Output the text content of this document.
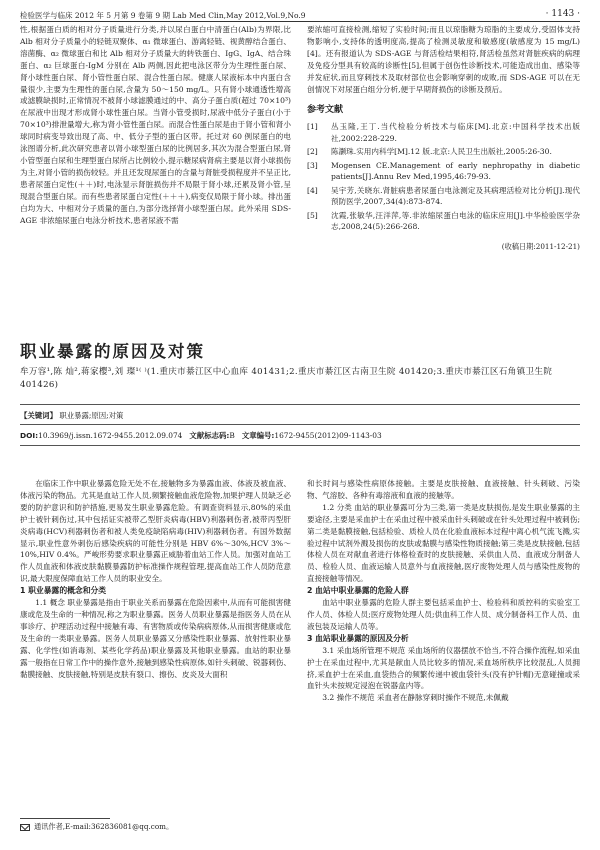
检验医学与临床 2012 年 5 月第 9 卷第 9 期 Lab Med Clin,May 2012,Vol.9,No.9	· 1143 ·

性,根据蛋白质的相对分子质量进行分类,并以尿白蛋白中清蛋白(Alb)为界限,比 Alb 相对分子质量小的轻链双聚体、α₁ 微球蛋白、游离轻链、视黄醇结合蛋白、溶菌酶、α₂ 微球蛋白和比 Alb 相对分子质量大的转铁蛋白、IgG、IgA、结合珠蛋白、α₂ 巨球蛋白-IgM 分别在 Alb 两侧,因此把电泳区带分为生理性蛋白尿、肾小球性蛋白尿、肾小管性蛋白尿、混合性蛋白尿。健康人尿液标本中内蛋白含量很少,主要为生理性的蛋白尿,含量为 50～150 mg/L。只有肾小球通透性增高或滤膜缺损时,正常情况不被肾小球滤膜通过的中、高分子蛋白质(超过 70×10³)在尿液中出现才形成肾小球性蛋白尿。当肾小管受损时,尿液中低分子蛋白(小于 70×10³)排泄量增大,称为肾小管性蛋白尿。而混合性蛋白尿是由于肾小管和肾小球同时病变导致出现了高、中、低分子型的蛋白区带。托过对 60 例尿蛋白的电泳图谱分析,此次研究患者以肾小球型蛋白尿的比例居多,其次为混合型蛋白尿,肾小管型蛋白尿和生理型蛋白尿所占比例较小,提示糖尿病肾病主要是以肾小球损伤为主,对肾小管的损伤较轻。并且还发现尿蛋白的含量与肾脏受损程度并不呈正比,患者尿蛋白定性(＋＋)时,电泳显示肾脏损伤并不局限于肾小球,还累及肾小管,呈现混合型蛋白尿。而有些患者尿蛋白定性(＋＋＋),病变仅局限于肾小球。排出蛋白均为大、中相对分子质量的蛋白,为部分选择肾小球型蛋白尿。此外采用 SDS-AGE 非浓缩尿蛋白电泳分析技术,患者尿液不需

要浓缩可直接检测,缩短了实验时间;而且以琼脂糖为琼脂的主要成分,受固体支持物影响小,支持体的透明度高,提高了检测灵敏度和敏感度(敏感度为 15 mg/L)[4]。还有报道认为 SDS-AGE 与肾活检结果相符,肾活检虽然对肾脏疾病的病理及免疫分型具有较高的诊断性[5],但属于创伤性诊断技术,可能造成出血、感染等并发症状,而且穿刺技术及取材部位也会影响穿刺的成败,而 SDS-AGE 可以在无创情况下对尿蛋白组分分析,便于早期肾损伤的诊断及预后。

参考文献
[1]	丛玉隆,王丁.当代检验分析技术与临床[M].北京:中国科学技术出版社,2002:228-229.
[2]	陈灏珠.实用内科学[M].12 版.北京:人民卫生出版社,2005:26-30.
[3]	Mogensen CE.Management of early nephropathy in diabetic patients[J].Annu Rev Med,1995,46:79-93.
[4]	吴宇芳,关晓东.肾脏病患者尿蛋白电泳测定及其病理活检对比分析[J].现代预防医学,2007,34(4):873-874.
[5]	沈霞,张敏华,汪洋萍,等.非浓缩尿蛋白电泳的临床应用[J].中华检验医学杂志,2008,24(5):266-268.
(收稿日期:2011-12-21)
职业暴露的原因及对策
牟万容¹,陈 灿²,蒋家樱³,刘 璨¹⁽ ⁾(1.重庆市綦江区中心血库 401431;2.重庆市綦江区古南卫生院 401420;3.重庆市綦江区石角镇卫生院 401426)
【关键词】 职业暴露;原因;对策
DOI:10.3969/j.issn.1672-9455.2012.09.074 文献标志码:B 文章编号:1672-9455(2012)09-1143-03

在临床工作中职业暴露危险无处不在,接触物多为暴露血液、体液及被血液、体液污染的物品。尤其是血站工作人员,频繁接触血液危险物,加果护理人员缺乏必要的防护意识和防护措施,更易发生职业暴露危险。有调查资料显示,80%的采血护士被针刺伤过,其中包括证实被带乙型肝炎病毒(HBV)利器刺伤者,被带丙型肝炎病毒(HCV)利器刺伤者和被人类免疫缺陷病毒(HIV)利器刺伤者。有国外数据显示,职业性意外刺伤后感染疾病的可能性分别是 HBV 6%～30%,HCV 3%～10%,HIV 0.4%。严峻形势要求职业暴露正威胁着血站工作人员。加强对血站工作人员血液和体液皮肤黏膜暴露防护标准操作规程管理,提高血站工作人员防范意识,最大限度保障血站工作人员的职业安全。

1 职业暴露的概念和分类

1.1 概念 职业暴露是指由于职业关系而暴露在危险因素中,从而有可能损害健康或危及生命的一种情况,称之为职业暴露。医务人员职业暴露是指医务人员在从事诊疗、护理活动过程中接触有毒、有害物质或传染病病原体,从而损害健康或危及生命的一类职业暴露。医务人员职业暴露又分感染性职业暴露、放射性职业暴露、化学性(如消毒剂、某些化学药品)职业暴露及其他职业暴露。血站的职业暴露一般指在日常工作中的操作意外,接触到感染性病原体,如针头刺破、锐器刺伤、黏膜接触、皮肤接触,特别是皮肤有裂口、擦伤、皮炎及大面积

和长时间与感染性病原体接触。主要是皮肤接触、血液接触、针头刺破、污染物、气溶胶、各种有毒溶液和血液的接触等。

1.2 分类 血站的职业暴露可分为三类,第一类是皮肤损伤,是发生职业暴露的主要途径,主要是采血护士在采血过程中被采血针头刺破或在针头处理过程中被刺伤;第二类是黏膜接触,包括检验、质检人员在化验血液标本过程中离心机气流飞溅,实验过程中试剂外溅及损伤的皮肤或黏膜与感染性物质接触;第三类是皮肤接触,包括体检人员在对献血者进行体格检查时的皮肤接触、采供血人员、血液成分制备人员、检验人员、血液运输人员意外与血液接触,医疗废物处理人员与感染性废物的直接接触等情况。

2 血站中职业暴露的危险人群

血站中职业暴露的危险人群主要包括采血护士、检验科和质控科的实验室工作人员、体检人员;医疗废物处理人员;供血科工作人员、成分制备科工作人员、血液包装及运输人员等。

3 血站职业暴露的原因及分析

3.1 采血场所管理不规范 采血场所的仪器摆放不恰当,不符合操作流程,如采血护士在采血过程中,尤其是献血人员比较多的情况,采血场所秩序比较混乱,人员拥挤,采血护士在采血,血袋热合的频繁传递中被血袋针头(没有护针帽)无意碰撞或采血针头未按规定浸泡在锐器盒内等。

3.2 操作不规范 采血者在静脉穿刺时操作不规范,未佩戴

通讯作者,E-mail:362836081@qq.com。
